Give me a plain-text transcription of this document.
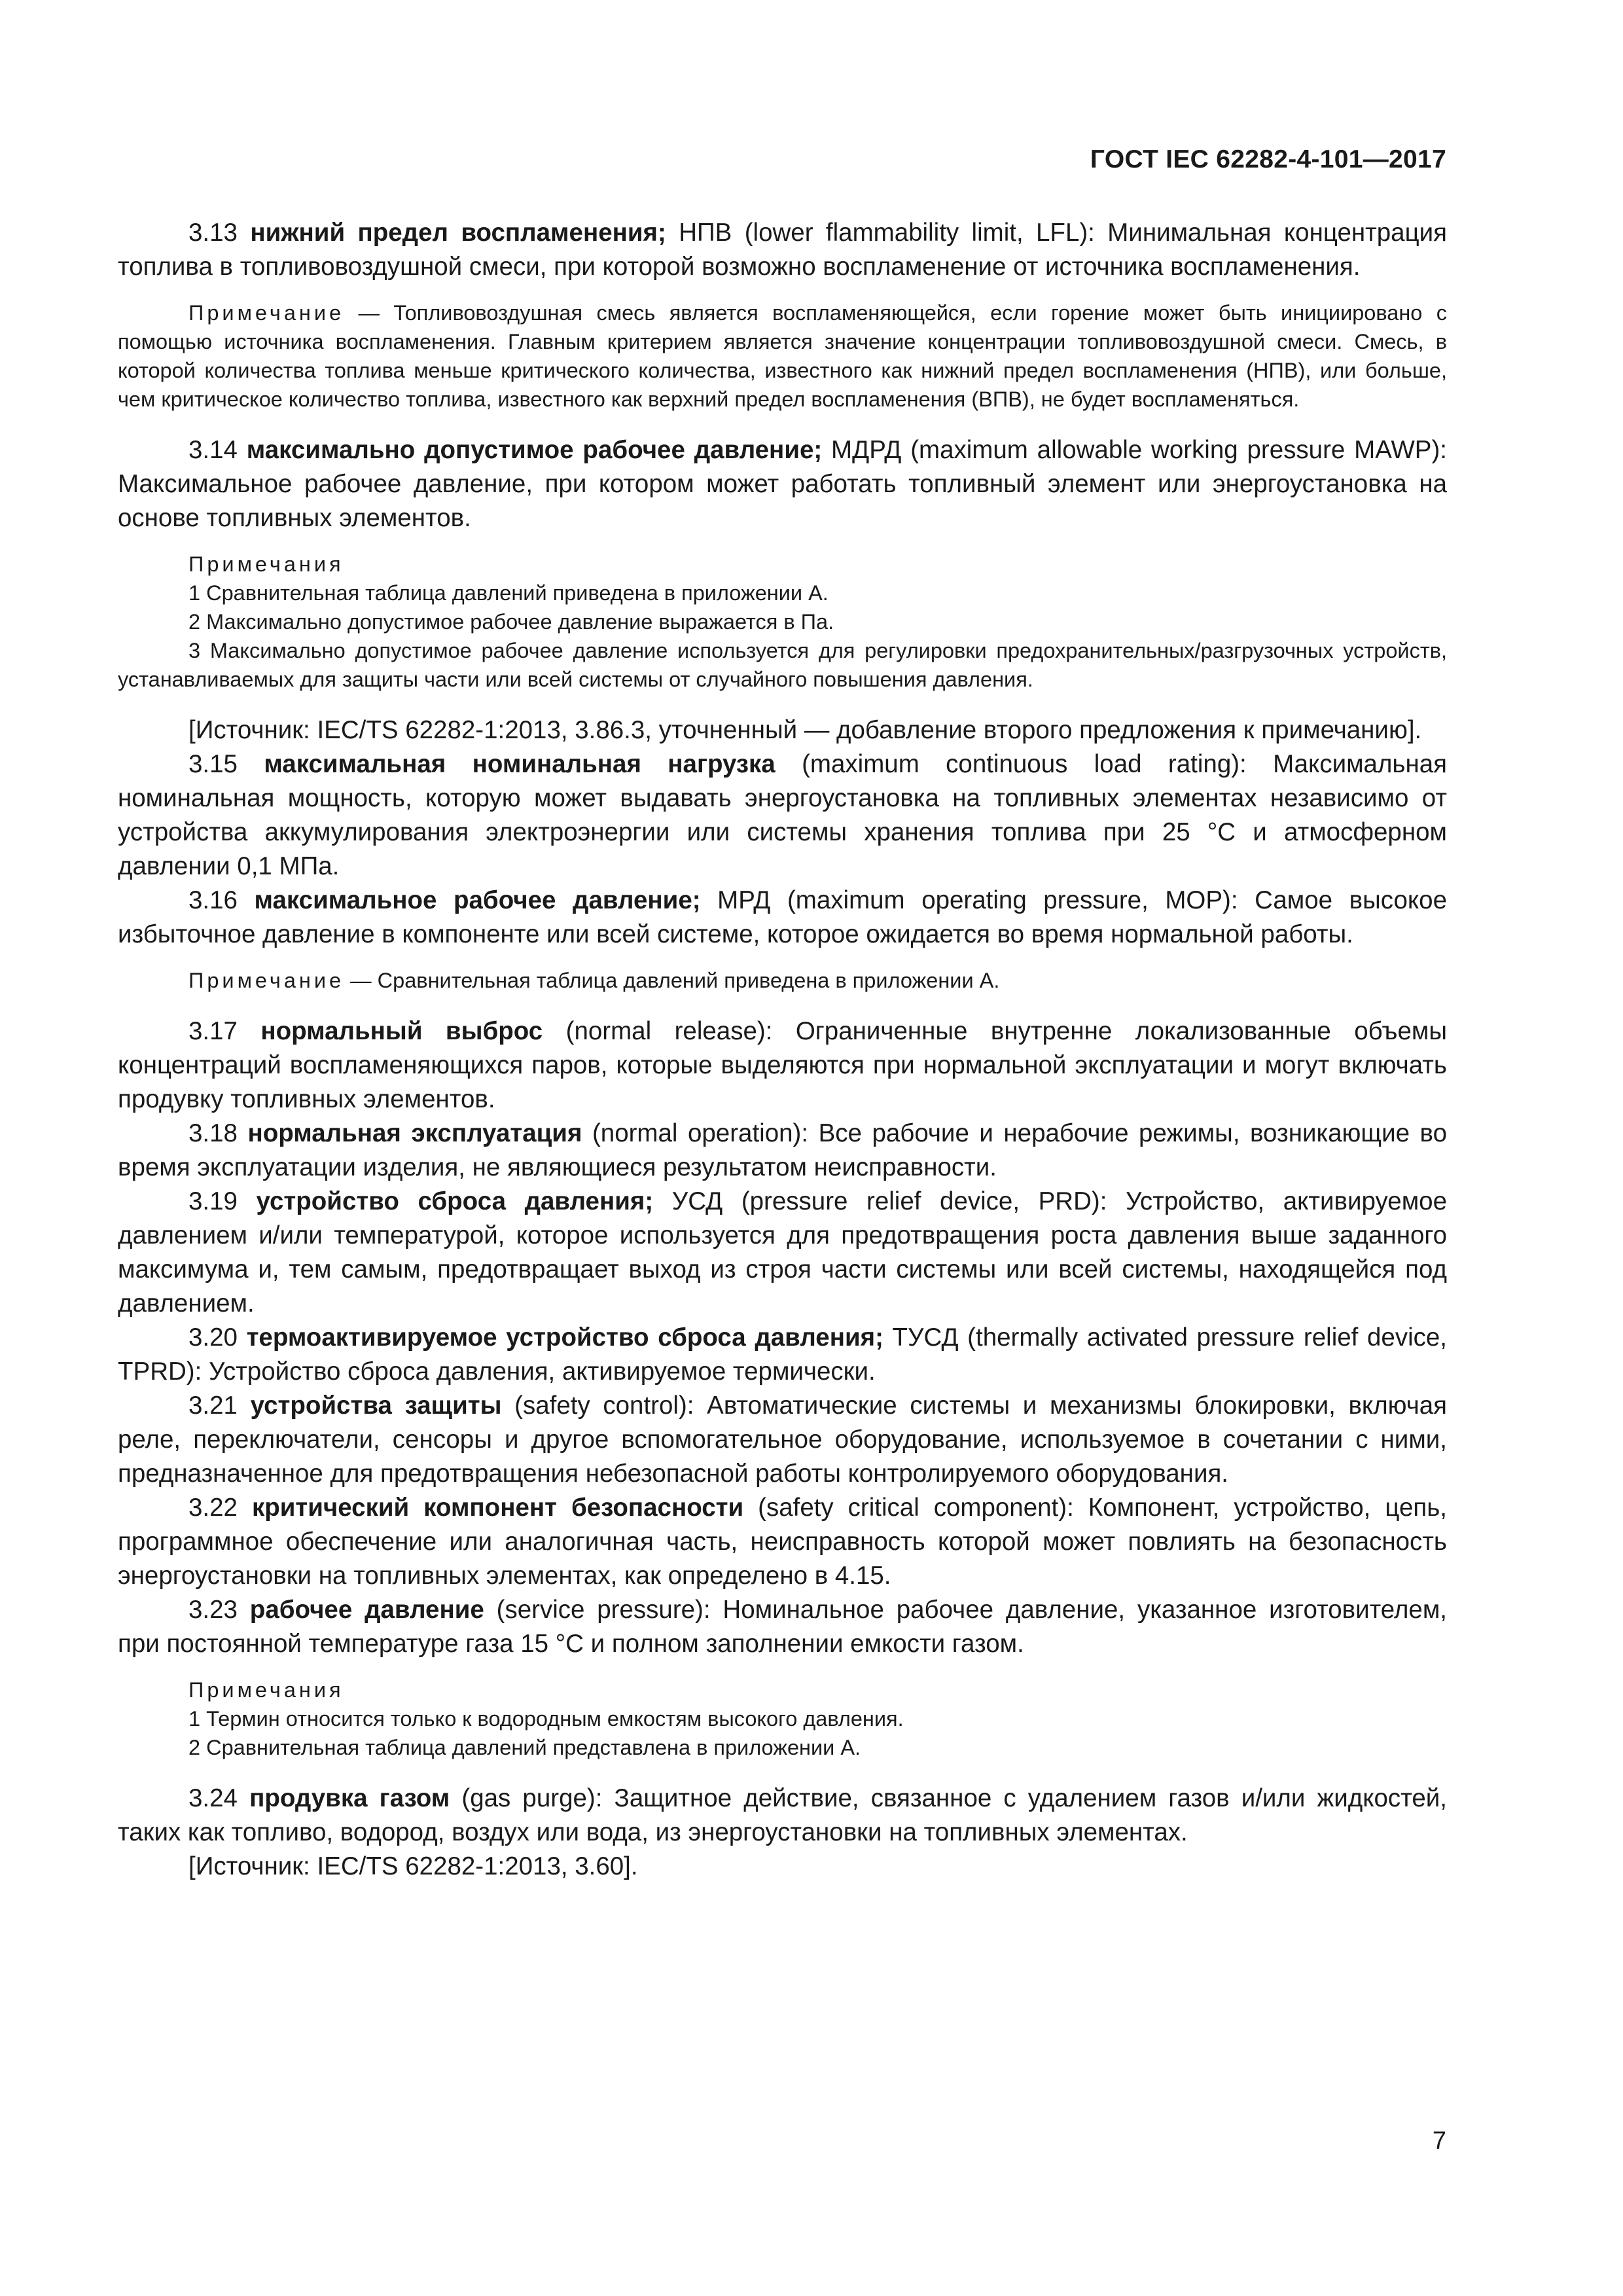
ГОСТ IEC 62282-4-101—2017

3.13 нижний предел воспламенения; НПВ (lower flammability limit, LFL): Минимальная концентрация топлива в топливовоздушной смеси, при которой возможно воспламенение от источника воспламенения.

Примечание — Топливовоздушная смесь является воспламеняющейся, если горение может быть инициировано с помощью источника воспламенения. Главным критерием является значение концентрации топливовоздушной смеси. Смесь, в которой количества топлива меньше критического количества, известного как нижний предел воспламенения (НПВ), или больше, чем критическое количество топлива, известного как верхний предел воспламенения (ВПВ), не будет воспламеняться.

3.14 максимально допустимое рабочее давление; МДРД (maximum allowable working pressure MAWP): Максимальное рабочее давление, при котором может работать топливный элемент или энергоустановка на основе топливных элементов.

Примечания

1 Сравнительная таблица давлений приведена в приложении А.

2 Максимально допустимое рабочее давление выражается в Па.

3 Максимально допустимое рабочее давление используется для регулировки предохранительных/разгрузочных устройств, устанавливаемых для защиты части или всей системы от случайного повышения давления.

[Источник: IEC/TS 62282-1:2013, 3.86.3, уточненный — добавление второго предложения к примечанию].

3.15 максимальная номинальная нагрузка (maximum continuous load rating): Максимальная номинальная мощность, которую может выдавать энергоустановка на топливных элементах независимо от устройства аккумулирования электроэнергии или системы хранения топлива при 25 °С и атмосферном давлении 0,1 МПа.

3.16 максимальное рабочее давление; МРД (maximum operating pressure, MOP): Самое высокое избыточное давление в компоненте или всей системе, которое ожидается во время нормальной работы.

Примечание — Сравнительная таблица давлений приведена в приложении А.

3.17 нормальный выброс (normal release): Ограниченные внутренне локализованные объемы концентраций воспламеняющихся паров, которые выделяются при нормальной эксплуатации и могут включать продувку топливных элементов.

3.18 нормальная эксплуатация (normal operation): Все рабочие и нерабочие режимы, возникающие во время эксплуатации изделия, не являющиеся результатом неисправности.

3.19 устройство сброса давления; УСД (pressure relief device, PRD): Устройство, активируемое давлением и/или температурой, которое используется для предотвращения роста давления выше заданного максимума и, тем самым, предотвращает выход из строя части системы или всей системы, находящейся под давлением.

3.20 термоактивируемое устройство сброса давления; ТУСД (thermally activated pressure relief device, TPRD): Устройство сброса давления, активируемое термически.

3.21 устройства защиты (safety control): Автоматические системы и механизмы блокировки, включая реле, переключатели, сенсоры и другое вспомогательное оборудование, используемое в сочетании с ними, предназначенное для предотвращения небезопасной работы контролируемого оборудования.

3.22 критический компонент безопасности (safety critical component): Компонент, устройство, цепь, программное обеспечение или аналогичная часть, неисправность которой может повлиять на безопасность энергоустановки на топливных элементах, как определено в 4.15.

3.23 рабочее давление (service pressure): Номинальное рабочее давление, указанное изготовителем, при постоянной температуре газа 15 °С и полном заполнении емкости газом.

Примечания

1 Термин относится только к водородным емкостям высокого давления.

2 Сравнительная таблица давлений представлена в приложении А.

3.24 продувка газом (gas purge): Защитное действие, связанное с удалением газов и/или жидкостей, таких как топливо, водород, воздух или вода, из энергоустановки на топливных элементах.

[Источник: IEC/TS 62282-1:2013, 3.60].

7
